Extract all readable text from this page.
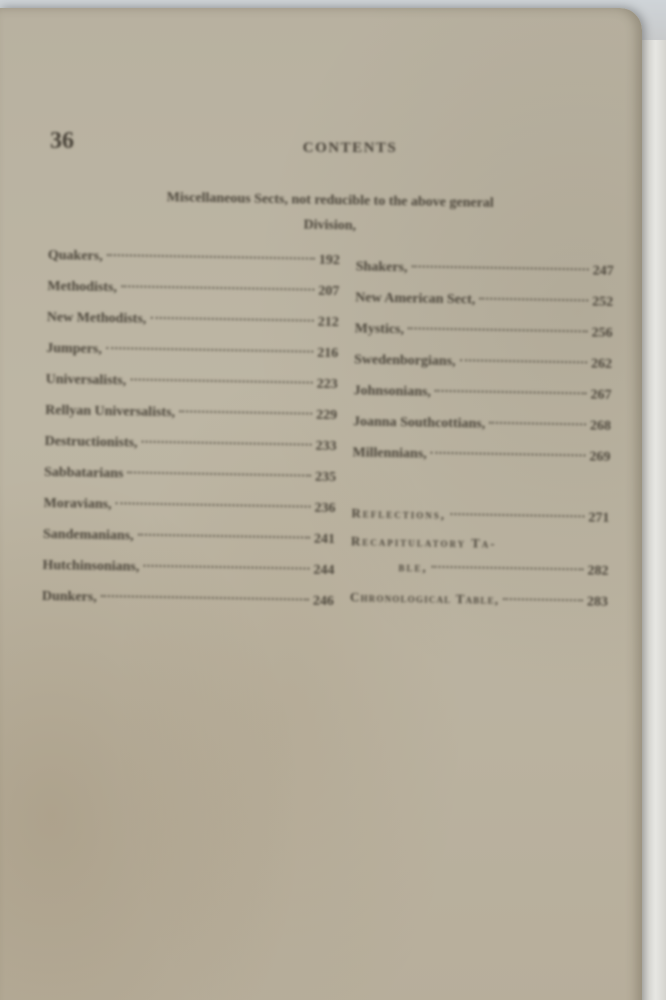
36	CONTENTS
Miscellaneous Sects, not reducible to the above general
Division,
Quakers,	192
Methodists,	207
New Methodists,	212
Jumpers,	216
Universalists,	223
Rellyan Universalists,	229
Destructionists,	233
Sabbatarians	235
Moravians,	236
Sandemanians,	241
Hutchinsonians,	244
Dunkers,	246
Shakers,	247
New American Sect,	252
Mystics,	256
Swedenborgians,	262
Johnsonians,	267
Joanna Southcottians,	268
Millennians,	269
Reflections,	271
Recapitulatory Ta-
ble,	282
Chronological Table,	283
